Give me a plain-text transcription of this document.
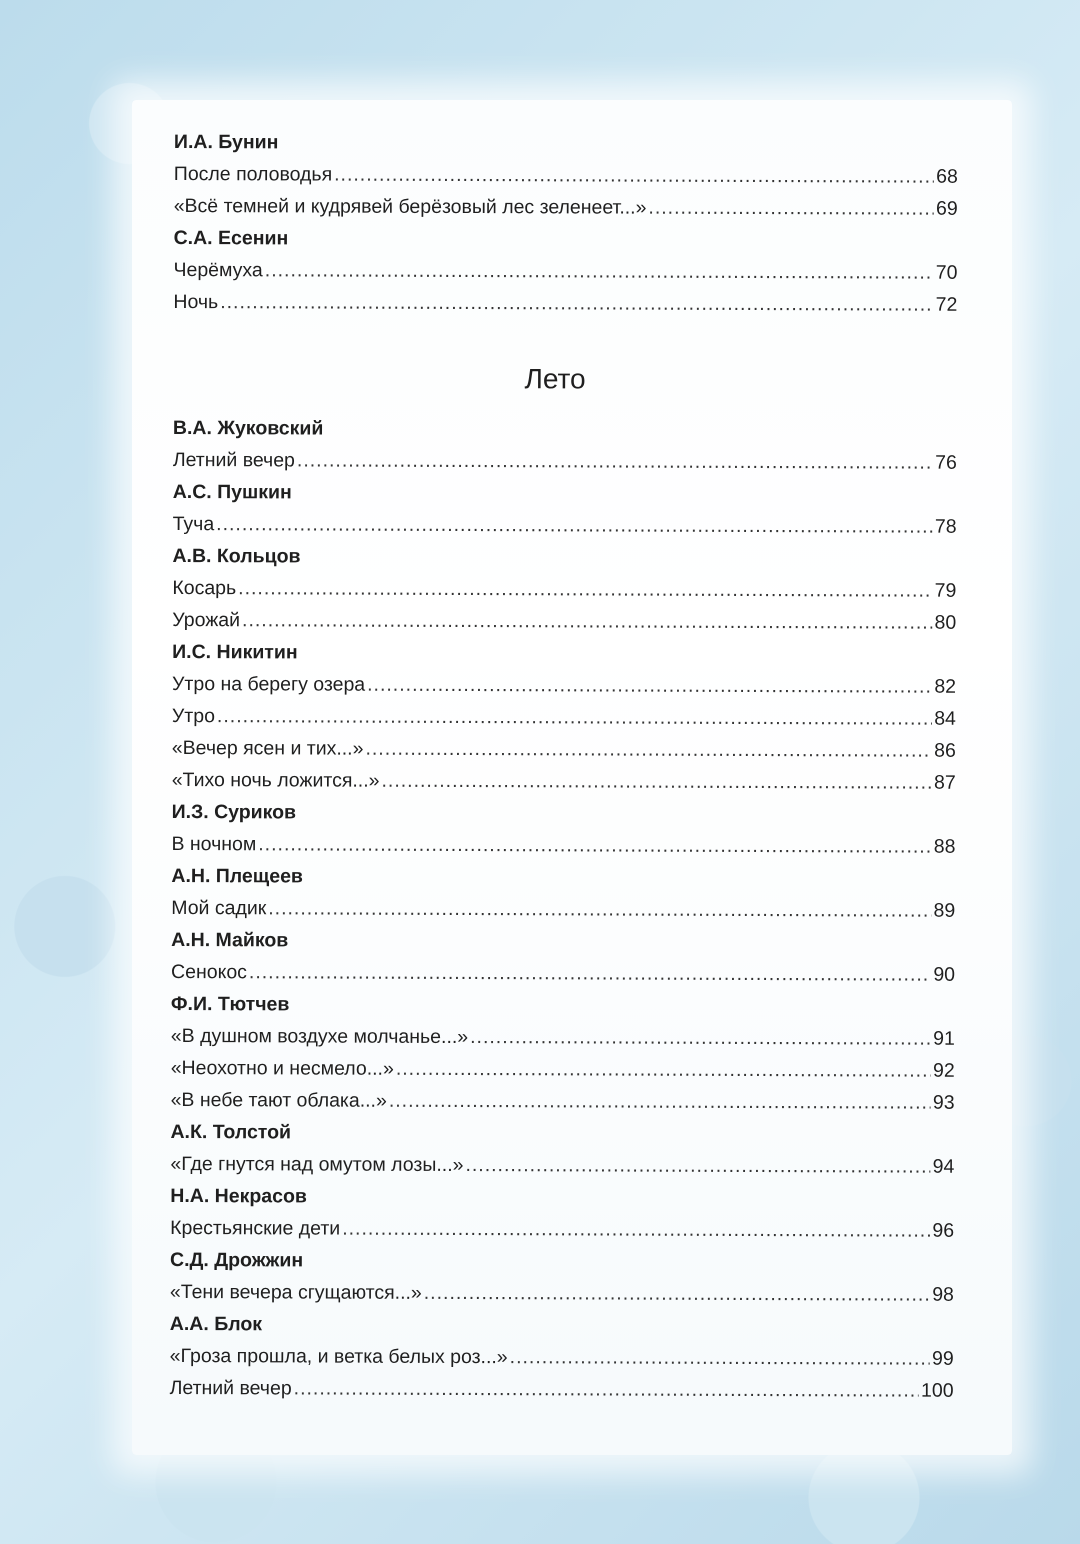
И.А. Бунин
После половодья .....	68
«Всё темней и кудрявей берёзовый лес зеленеет...» .....	69
С.А. Есенин
Черёмуха .....	70
Ночь .....	72
Лето
В.А. Жуковский
Летний вечер .....	76
А.С. Пушкин
Туча .....	78
А.В. Кольцов
Косарь .....	79
Урожай .....	80
И.С. Никитин
Утро на берегу озера .....	82
Утро .....	84
«Вечер ясен и тих...» .....	86
«Тихо ночь ложится...» .....	87
И.З. Суриков
В ночном .....	88
А.Н. Плещеев
Мой садик .....	89
А.Н. Майков
Сенокос .....	90
Ф.И. Тютчев
«В душном воздухе молчанье...» .....	91
«Неохотно и несмело...» .....	92
«В небе тают облака...» .....	93
А.К. Толстой
«Где гнутся над омутом лозы...» .....	94
Н.А. Некрасов
Крестьянские дети .....	96
С.Д. Дрожжин
«Тени вечера сгущаются...» .....	98
А.А. Блок
«Гроза прошла, и ветка белых роз...» .....	99
Летний вечер .....	100
